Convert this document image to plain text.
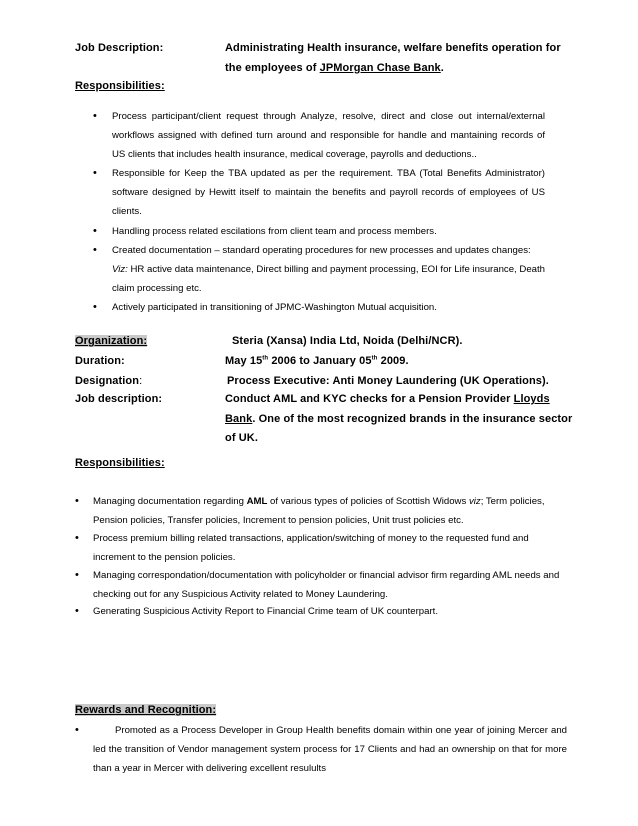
Job Description:	Administrating Health insurance, welfare benefits operation for
the employees of JPMorgan Chase Bank.
Responsibilities:
• Process participant/client request through Analyze, resolve, direct and close out internal/external workflows assigned with defined turn around and responsible for handle and mantaining records of US clients that includes health insurance, medical coverage, payrolls and deductions..
• Responsible for Keep the TBA updated as per the requirement. TBA (Total Benefits Administrator) software designed by Hewitt itself to maintain the benefits and payroll records of employees of US clients.
• Handling process related escilations from client team and process members.
• Created documentation – standard operating procedures for new processes and updates changes:
Viz: HR active data maintenance, Direct billing and payment processing, EOI for Life insurance, Death claim processing etc.
• Actively participated in transitioning of JPMC-Washington Mutual acquisition.
Organization:	Steria (Xansa) India Ltd, Noida (Delhi/NCR).
Duration:	May 15th 2006 to January 05th 2009.
Designation:	Process Executive: Anti Money Laundering (UK Operations).
Job description:	Conduct AML and KYC checks for a Pension Provider Lloyds
Bank. One of the most recognized brands in the insurance sector
of UK.
Responsibilities:
• Managing documentation regarding AML of various types of policies of Scottish Widows viz; Term policies, Pension policies, Transfer policies, Increment to pension policies, Unit trust policies etc.
• Process premium billing related transactions, application/switching of money to the requested fund and increment to the pension policies.
• Managing correspondation/documentation with policyholder or financial advisor firm regarding AML needs and checking out for any Suspicious Activity related to Money Laundering.
• Generating Suspicious Activity Report to Financial Crime team of UK counterpart.
Rewards and Recognition:
•	Promoted as a Process Developer in Group Health benefits domain within one year of joining Mercer and led the transition of Vendor management system process for 17 Clients and had an ownership on that for more than a year in Mercer with delivering excellent resulults
